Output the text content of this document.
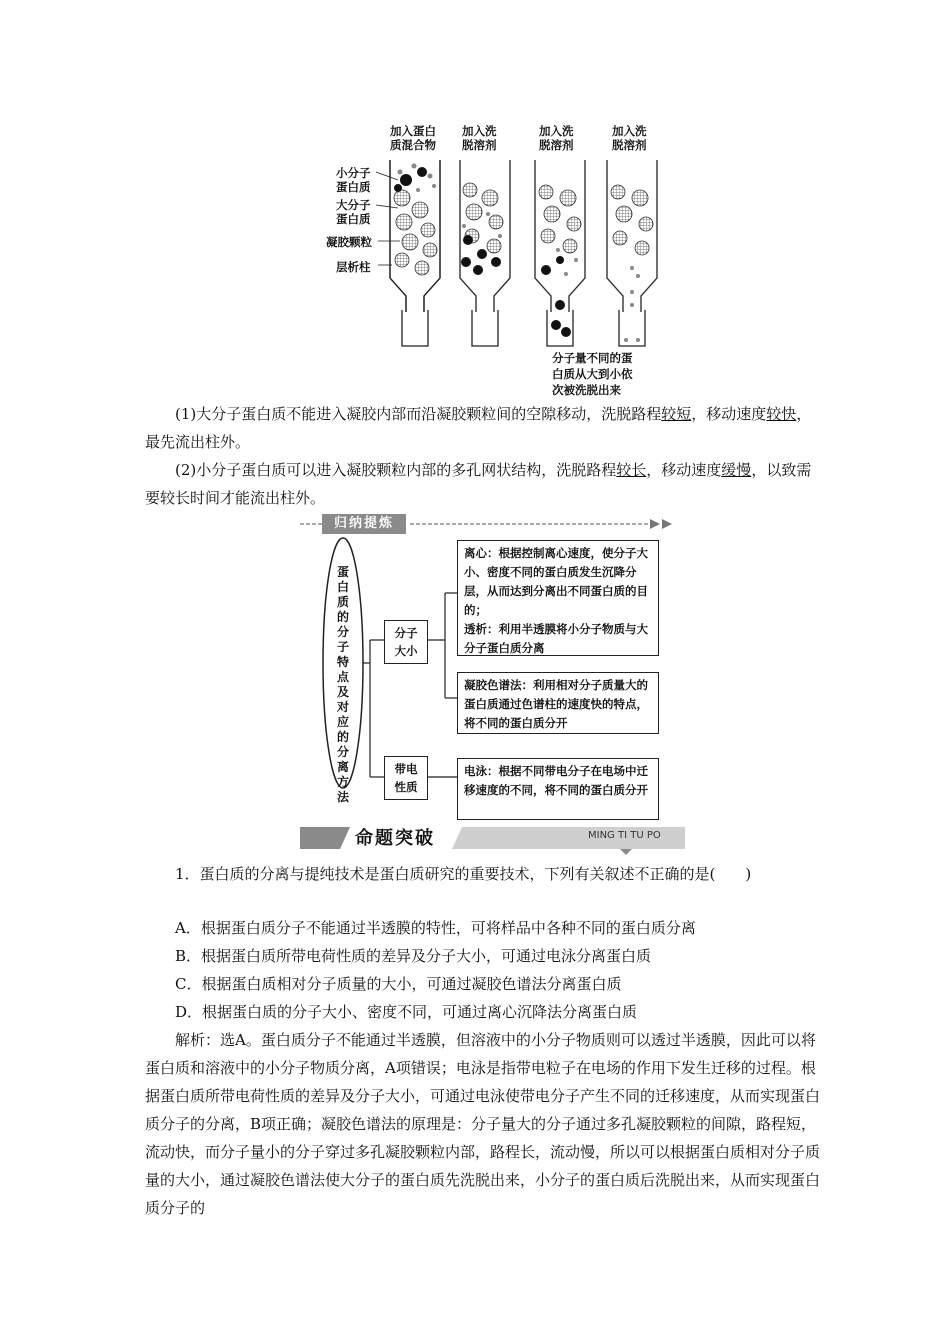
加入蛋白
质混合物
加入洗
脱溶剂
加入洗
脱溶剂
加入洗
脱溶剂
小分子
蛋白质
大分子
蛋白质
凝胶颗粒
层析柱
分子量不同的蛋
白质从大到小依
次被洗脱出来
(1)大分子蛋白质不能进入凝胶内部而沿凝胶颗粒间的空隙移动，洗脱路程较短，移动速度较快，最先流出柱外。
(2)小分子蛋白质可以进入凝胶颗粒内部的多孔网状结构，洗脱路程较长，移动速度缓慢，以致需要较长时间才能流出柱外。
归纳提炼
蛋白质的分子特点及对应的分离方法
分子
大小
带电
性质
离心：根据控制离心速度，使分子大小、密度不同的蛋白质发生沉降分层，从而达到分离出不同蛋白质的目的；
透析：利用半透膜将小分子物质与大分子蛋白质分离
凝胶色谱法：利用相对分子质量大的蛋白质通过色谱柱的速度快的特点，将不同的蛋白质分开
电泳：根据不同带电分子在电场中迁移速度的不同，将不同的蛋白质分开
命题突破	MING TI TU PO
1．蛋白质的分离与提纯技术是蛋白质研究的重要技术，下列有关叙述不正确的是(　　)
A．根据蛋白质分子不能通过半透膜的特性，可将样品中各种不同的蛋白质分离
B．根据蛋白质所带电荷性质的差异及分子大小，可通过电泳分离蛋白质
C．根据蛋白质相对分子质量的大小，可通过凝胶色谱法分离蛋白质
D．根据蛋白质的分子大小、密度不同，可通过离心沉降法分离蛋白质
解析：选A。蛋白质分子不能通过半透膜，但溶液中的小分子物质则可以透过半透膜，因此可以将蛋白质和溶液中的小分子物质分离，A项错误；电泳是指带电粒子在电场的作用下发生迁移的过程。根据蛋白质所带电荷性质的差异及分子大小，可通过电泳使带电分子产生不同的迁移速度，从而实现蛋白质分子的分离，B项正确；凝胶色谱法的原理是：分子量大的分子通过多孔凝胶颗粒的间隙，路程短，流动快，而分子量小的分子穿过多孔凝胶颗粒内部，路程长，流动慢，所以可以根据蛋白质相对分子质量的大小，通过凝胶色谱法使大分子的蛋白质先洗脱出来，小分子的蛋白质后洗脱出来，从而实现蛋白质分子的
